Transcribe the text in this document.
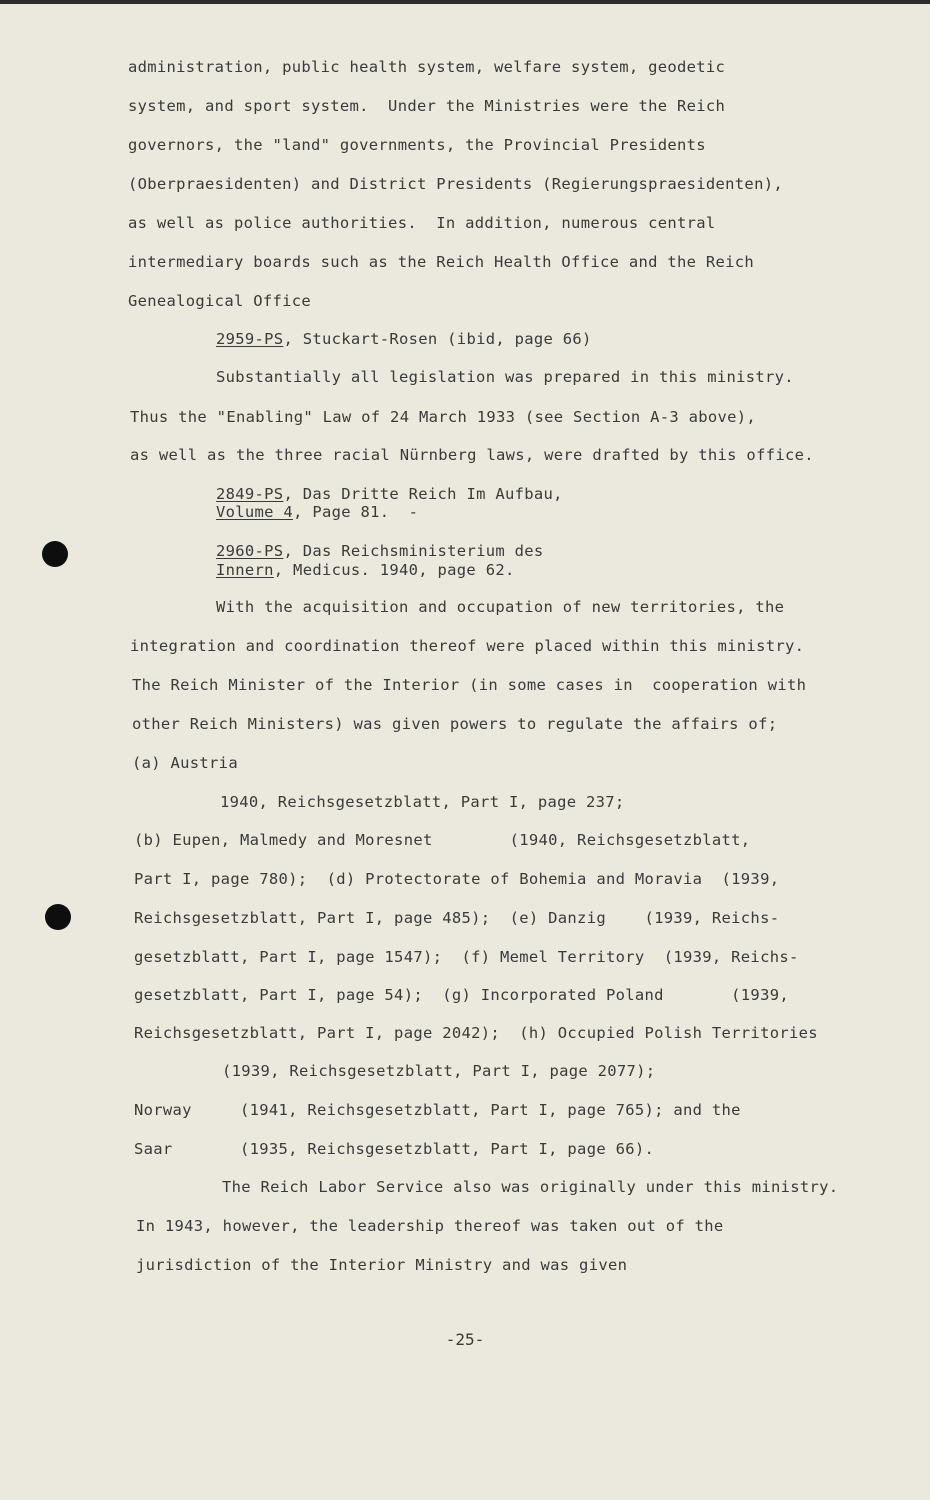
administration, public health system, welfare system, geodetic
system, and sport system.  Under the Ministries were the Reich
governors, the "land" governments, the Provincial Presidents
(Oberpraesidenten) and District Presidents (Regierungspraesidenten),
as well as police authorities.  In addition, numerous central
intermediary boards such as the Reich Health Office and the Reich
Genealogical Office
2959-PS, Stuckart-Rosen (ibid, page 66)
Substantially all legislation was prepared in this ministry.
Thus the "Enabling" Law of 24 March 1933 (see Section A-3 above),
as well as the three racial Nürnberg laws, were drafted by this office.
2849-PS, Das Dritte Reich Im Aufbau,
Volume 4, Page 81.  -
2960-PS, Das Reichsministerium des
Innern, Medicus. 1940, page 62.
With the acquisition and occupation of new territories, the
integration and coordination thereof were placed within this ministry.
The Reich Minister of the Interior (in some cases in  cooperation with
other Reich Ministers) was given powers to regulate the affairs of;
(a) Austria
1940, Reichsgesetzblatt, Part I, page 237;
(b) Eupen, Malmedy and Moresnet        (1940, Reichsgesetzblatt,
Part I, page 780);  (d) Protectorate of Bohemia and Moravia  (1939,
Reichsgesetzblatt, Part I, page 485);  (e) Danzig    (1939, Reichs-
gesetzblatt, Part I, page 1547);  (f) Memel Territory  (1939, Reichs-
gesetzblatt, Part I, page 54);  (g) Incorporated Poland       (1939,
Reichsgesetzblatt, Part I, page 2042);  (h) Occupied Polish Territories
(1939, Reichsgesetzblatt, Part I, page 2077);
Norway     (1941, Reichsgesetzblatt, Part I, page 765); and the
Saar       (1935, Reichsgesetzblatt, Part I, page 66).
The Reich Labor Service also was originally under this ministry.
In 1943, however, the leadership thereof was taken out of the
jurisdiction of the Interior Ministry and was given
-25-
